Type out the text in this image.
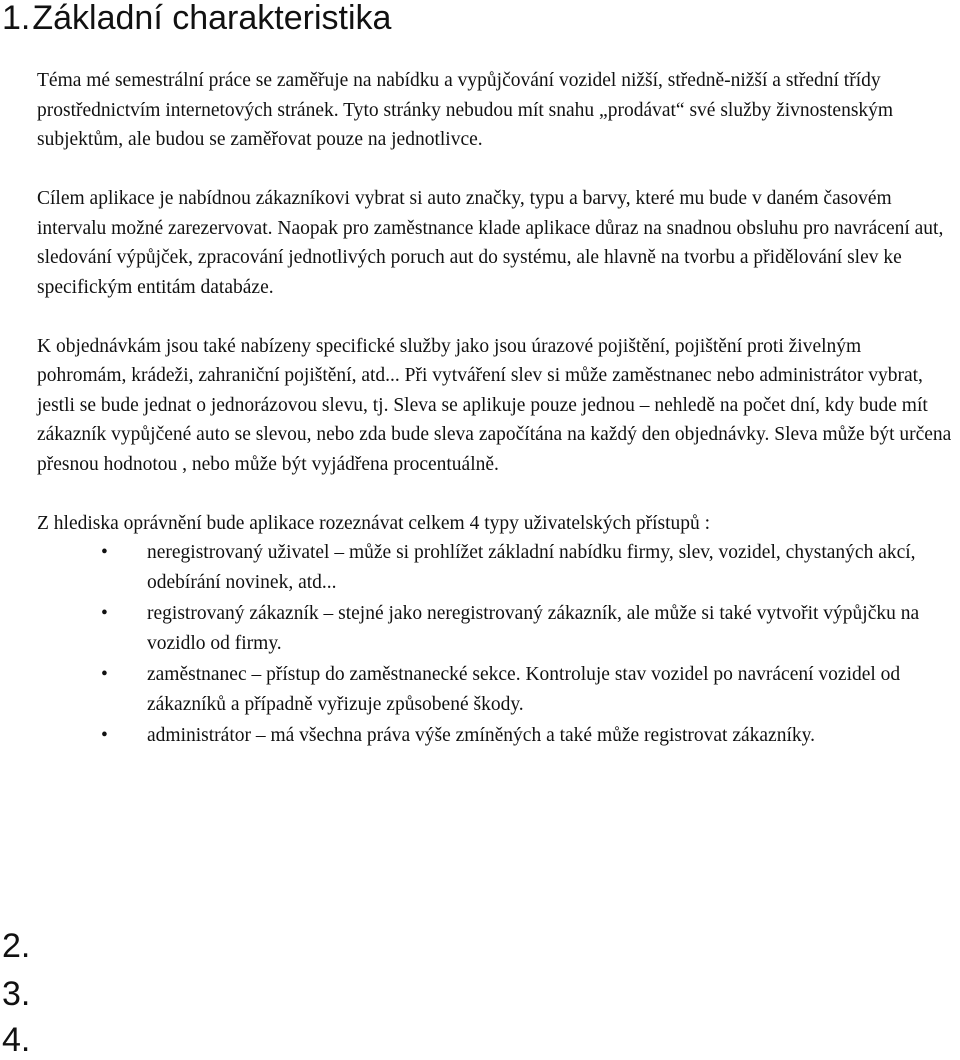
1.Základní charakteristika

Téma mé semestrální práce se zaměřuje na nabídku a vypůjčování vozidel nižší, středně-nižší a střední třídy prostřednictvím internetových stránek. Tyto stránky nebudou mít snahu „prodávat“ své služby živnostenským subjektům, ale budou se zaměřovat pouze na jednotlivce.

Cílem aplikace je nabídnou zákazníkovi vybrat si auto značky, typu a barvy, které mu bude v daném časovém intervalu možné zarezervovat. Naopak pro zaměstnance klade aplikace důraz na snadnou obsluhu pro navrácení aut, sledování výpůjček, zpracování jednotlivých poruch aut do systému, ale hlavně na tvorbu a přidělování slev ke specifickým entitám databáze.

K objednávkám jsou také nabízeny specifické služby jako jsou úrazové pojištění, pojištění proti živelným pohromám, krádeži, zahraniční pojištění, atd... Při vytváření slev si může zaměstnanec nebo administrátor vybrat, jestli se bude jednat o jednorázovou slevu, tj. Sleva se aplikuje pouze jednou – nehledě na počet dní, kdy bude mít zákazník vypůjčené auto se slevou, nebo zda bude sleva započítána na každý den objednávky. Sleva může být určena přesnou hodnotou , nebo může být vyjádřena procentuálně.

Z hlediska oprávnění bude aplikace rozeznávat celkem 4 typy uživatelských přístupů :
• neregistrovaný uživatel – může si prohlížet základní nabídku firmy, slev, vozidel, chystaných akcí, odebírání novinek, atd...
• registrovaný zákazník – stejné jako neregistrovaný zákazník, ale může si také vytvořit výpůjčku na vozidlo od firmy.
• zaměstnanec – přístup do zaměstnanecké sekce. Kontroluje stav vozidel po navrácení vozidel od zákazníků a případně vyřizuje způsobené škody.
• administrátor – má všechna práva výše zmíněných a také může registrovat zákazníky.
2.
3.
4.
